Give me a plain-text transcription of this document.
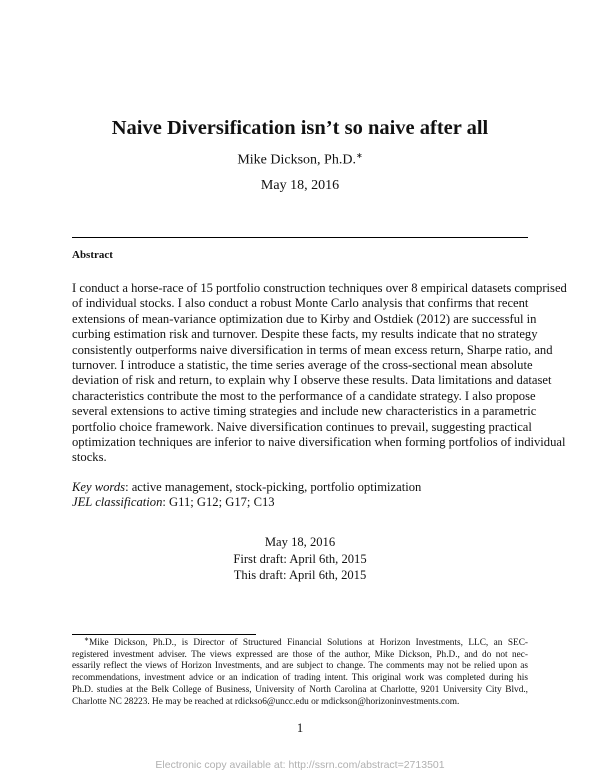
Naive Diversification isn’t so naive after all
Mike Dickson, Ph.D.∗
May 18, 2016
Abstract
I conduct a horse-race of 15 portfolio construction techniques over 8 empirical datasets comprised
of individual stocks. I also conduct a robust Monte Carlo analysis that confirms that recent
extensions of mean-variance optimization due to Kirby and Ostdiek (2012) are successful in
curbing estimation risk and turnover. Despite these facts, my results indicate that no strategy
consistently outperforms naive diversification in terms of mean excess return, Sharpe ratio, and
turnover. I introduce a statistic, the time series average of the cross-sectional mean absolute
deviation of risk and return, to explain why I observe these results. Data limitations and dataset
characteristics contribute the most to the performance of a candidate strategy. I also propose
several extensions to active timing strategies and include new characteristics in a parametric
portfolio choice framework. Naive diversification continues to prevail, suggesting practical
optimization techniques are inferior to naive diversification when forming portfolios of individual
stocks.
Key words: active management, stock-picking, portfolio optimization
JEL classification: G11; G12; G17; C13
May 18, 2016
First draft: April 6th, 2015
This draft: April 6th, 2015
∗Mike Dickson, Ph.D., is Director of Structured Financial Solutions at Horizon Investments, LLC, an SEC-
registered investment adviser. The views expressed are those of the author, Mike Dickson, Ph.D., and do not nec-
essarily reflect the views of Horizon Investments, and are subject to change. The comments may not be relied upon as
recommendations, investment advice or an indication of trading intent. This original work was completed during his
Ph.D. studies at the Belk College of Business, University of North Carolina at Charlotte, 9201 University City Blvd.,
Charlotte NC 28223. He may be reached at rdickso6@uncc.edu or mdickson@horizoninvestments.com.
1
Electronic copy available at: http://ssrn.com/abstract=2713501
